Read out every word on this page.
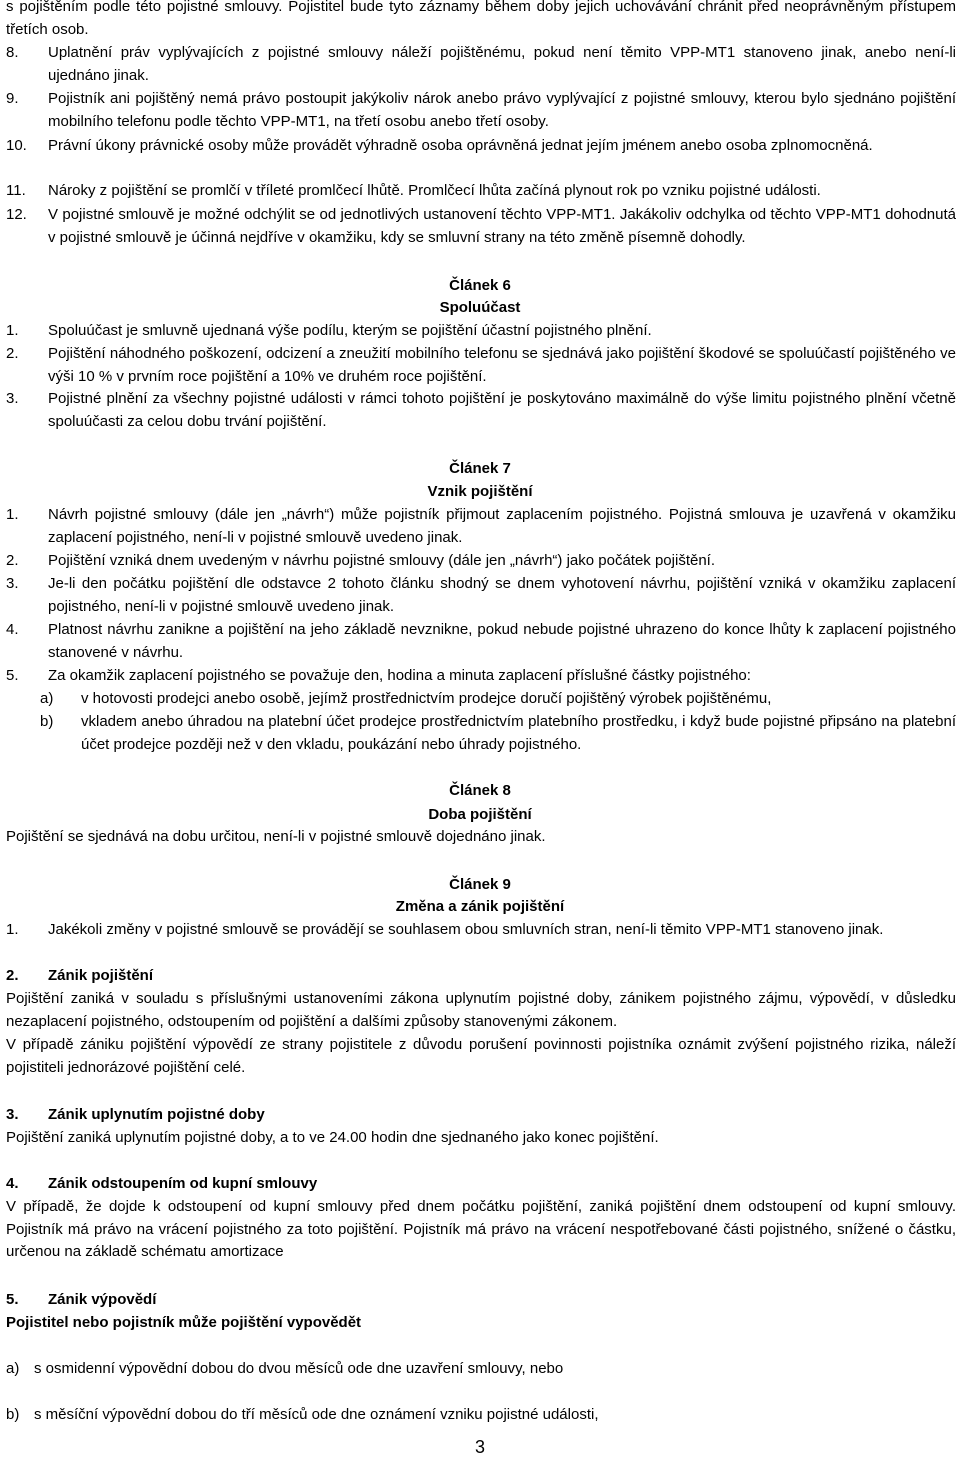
s pojištěním podle této pojistné smlouvy. Pojistitel bude tyto záznamy během doby jejich uchovávání chránit před neoprávněným přístupem třetích osob.

8.	Uplatnění práv vyplývajících z pojistné smlouvy náleží pojištěnému, pokud není těmito VPP-MT1 stanoveno jinak, anebo není-li ujednáno jinak.
9.	Pojistník ani pojištěný nemá právo postoupit jakýkoliv nárok anebo právo vyplývající z pojistné smlouvy, kterou bylo sjednáno pojištění mobilního telefonu podle těchto VPP-MT1, na třetí osobu anebo třetí osoby.
10.	Právní úkony právnické osoby může provádět výhradně osoba oprávněná jednat jejím jménem anebo osoba zplnomocněná.
11.	Nároky z pojištění se promlčí v tříleté promlčecí lhůtě. Promlčecí lhůta začíná plynout rok po vzniku pojistné události.
12.	V pojistné smlouvě je možné odchýlit se od jednotlivých ustanovení těchto VPP-MT1. Jakákoliv odchylka od těchto VPP-MT1 dohodnutá v pojistné smlouvě je účinná nejdříve v okamžiku, kdy se smluvní strany na této změně písemně dohodly.
Článek 6
Spoluúčast
1.	Spoluúčast je smluvně ujednaná výše podílu, kterým se pojištění účastní pojistného plnění.
2.	Pojištění náhodného poškození, odcizení a zneužití mobilního telefonu se sjednává jako pojištění škodové se spoluúčastí pojištěného ve výši 10 % v prvním roce pojištění a 10% ve druhém roce pojištění.
3.	Pojistné plnění za všechny pojistné události v rámci tohoto pojištění je poskytováno maximálně do výše limitu pojistného plnění včetně spoluúčasti za celou dobu trvání pojištění.
Článek 7
Vznik pojištění
1.	Návrh pojistné smlouvy (dále jen „návrh“) může pojistník přijmout zaplacením pojistného. Pojistná smlouva je uzavřená v okamžiku zaplacení pojistného, není-li v pojistné smlouvě uvedeno jinak.
2.	Pojištění vzniká dnem uvedeným v návrhu pojistné smlouvy (dále jen „návrh“) jako počátek pojištění.
3.	Je-li den počátku pojištění dle odstavce 2 tohoto článku shodný se dnem vyhotovení návrhu, pojištění vzniká v okamžiku zaplacení pojistného, není-li v pojistné smlouvě uvedeno jinak.
4.	Platnost návrhu zanikne a pojištění na jeho základě nevznikne, pokud nebude pojistné uhrazeno do konce lhůty k zaplacení pojistného stanovené v návrhu.
5.	Za okamžik zaplacení pojistného se považuje den, hodina a minuta zaplacení příslušné částky pojistného:
a)	v hotovosti prodejci anebo osobě, jejímž prostřednictvím prodejce doručí pojištěný výrobek pojištěnému,
b)	vkladem anebo úhradou na platební účet prodejce prostřednictvím platebního prostředku, i když bude pojistné připsáno na platební účet prodejce později než v den vkladu, poukázání nebo úhrady pojistného.
Článek 8
Doba pojištění

Pojištění se sjednává na dobu určitou, není-li v pojistné smlouvě dojednáno jinak.

Článek 9
Změna a zánik pojištění
1.	Jakékoli změny v pojistné smlouvě se provádějí se souhlasem obou smluvních stran, není-li těmito VPP-MT1 stanoveno jinak.
2. Zánik pojištění

Pojištění zaniká v souladu s příslušnými ustanoveními zákona uplynutím pojistné doby, zánikem pojistného zájmu, výpovědí, v důsledku nezaplacení pojistného, odstoupením od pojištění a dalšími způsoby stanovenými zákonem.

V případě zániku pojištění výpovědí ze strany pojistitele z důvodu porušení povinnosti pojistníka oznámit zvýšení pojistného rizika, náleží pojistiteli jednorázové pojištění celé.

3. Zánik uplynutím pojistné doby

Pojištění zaniká uplynutím pojistné doby, a to ve 24.00 hodin dne sjednaného jako konec pojištění.

4. Zánik odstoupením od kupní smlouvy

V případě, že dojde k odstoupení od kupní smlouvy před dnem počátku pojištění, zaniká pojištění dnem odstoupení od kupní smlouvy. Pojistník má právo na vrácení pojistného za toto pojištění. Pojistník má právo na vrácení nespotřebované části pojistného, snížené o částku, určenou na základě schématu amortizace

5. Zánik výpovědí

Pojistitel nebo pojistník může pojištění vypovědět

a) s osmidenní výpovědní dobou do dvou měsíců ode dne uzavření smlouvy, nebo
b) s měsíční výpovědní dobou do tří měsíců ode dne oznámení vzniku pojistné události,
3
